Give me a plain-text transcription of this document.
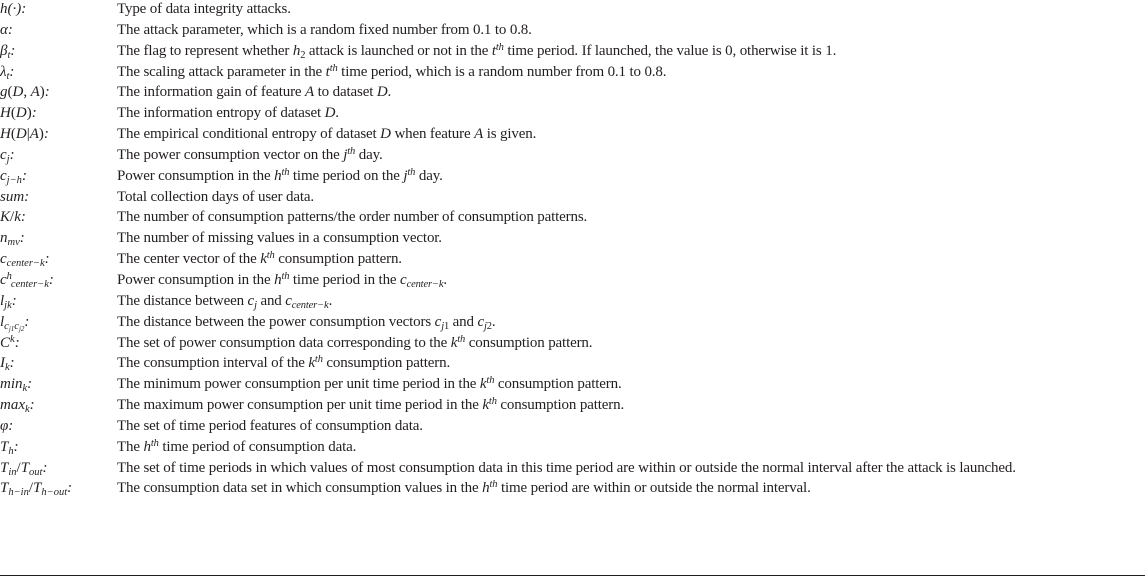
h(·):	Type of data integrity attacks.
α:	The attack parameter, which is a random fixed number from 0.1 to 0.8.
$\beta_t$:	The flag to represent whether $h_2$ attack is launched or not in the $t^{th}$ time period. If launched, the value is 0, otherwise it is 1.
$\lambda_t$:	The scaling attack parameter in the $t^{th}$ time period, which is a random number from 0.1 to 0.8.
g(D, A):	The information gain of feature A to dataset D.
H(D):	The information entropy of dataset D.
H(D|A):	The empirical conditional entropy of dataset D when feature A is given.
$c_j$:	The power consumption vector on the $j^{th}$ day.
$c_{j-h}$:	Power consumption in the $h^{th}$ time period on the $j^{th}$ day.
sum:	Total collection days of user data.
K/k:	The number of consumption patterns/the order number of consumption patterns.
$n_{mv}$:	The number of missing values in a consumption vector.
$c_{center-k}$:	The center vector of the $k^{th}$ consumption pattern.
$c^h_{center-k}$:	Power consumption in the $h^{th}$ time period in the $c_{center-k}$.
$l_{jk}$:	The distance between $c_j$ and $c_{center-k}$.
$l_{c_{j1}c_{j2}}$:	The distance between the power consumption vectors $c_{j1}$ and $c_{j2}$.
$C^k$:	The set of power consumption data corresponding to the $k^{th}$ consumption pattern.
$I_k$:	The consumption interval of the $k^{th}$ consumption pattern.
$\min_k$:	The minimum power consumption per unit time period in the $k^{th}$ consumption pattern.
$\max_k$:	The maximum power consumption per unit time period in the $k^{th}$ consumption pattern.
φ:	The set of time period features of consumption data.
$T_h$:	The $h^{th}$ time period of consumption data.
$T_{in}/T_{out}$:	The set of time periods in which values of most consumption data in this time period are within or outside the normal interval after the attack is launched.
$T_{h-in}/T_{h-out}$:	The consumption data set in which consumption values in the $h^{th}$ time period are within or outside the normal interval.
